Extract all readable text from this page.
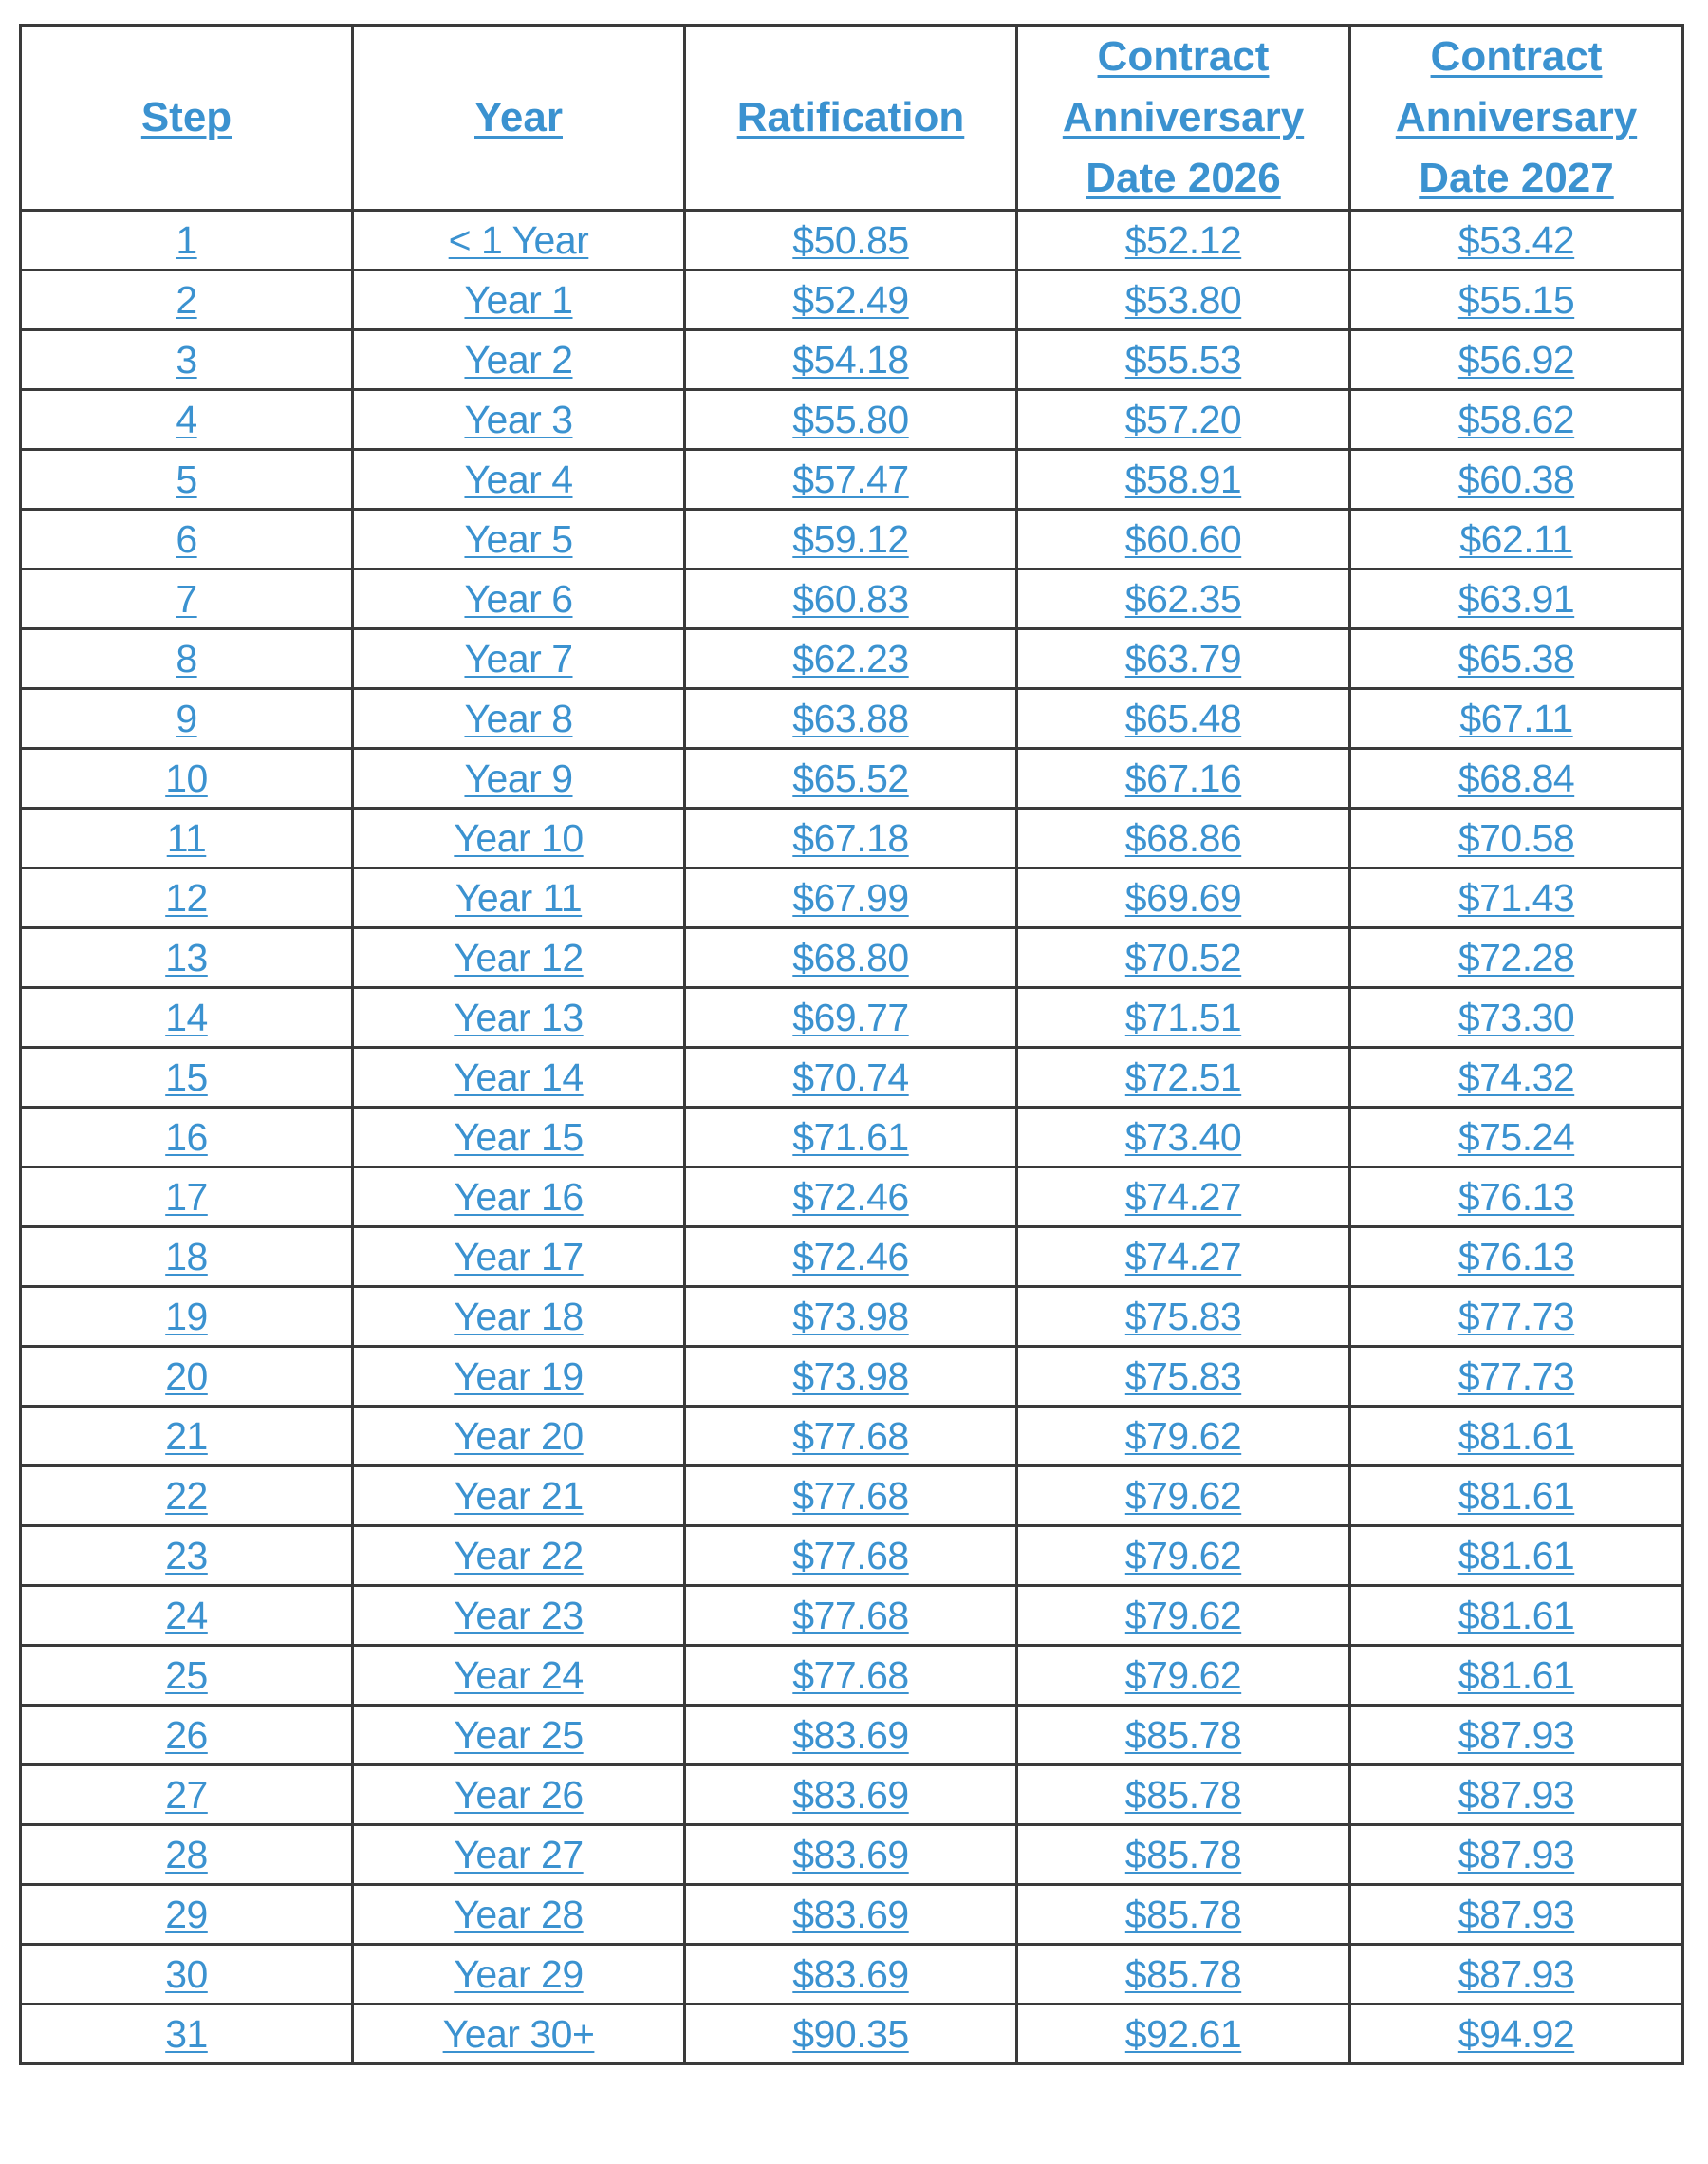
Step	Year	Ratification	Contract Anniversary Date 2026	Contract Anniversary Date 2027
1	< 1 Year	$50.85	$52.12	$53.42
2	Year 1	$52.49	$53.80	$55.15
3	Year 2	$54.18	$55.53	$56.92
4	Year 3	$55.80	$57.20	$58.62
5	Year 4	$57.47	$58.91	$60.38
6	Year 5	$59.12	$60.60	$62.11
7	Year 6	$60.83	$62.35	$63.91
8	Year 7	$62.23	$63.79	$65.38
9	Year 8	$63.88	$65.48	$67.11
10	Year 9	$65.52	$67.16	$68.84
11	Year 10	$67.18	$68.86	$70.58
12	Year 11	$67.99	$69.69	$71.43
13	Year 12	$68.80	$70.52	$72.28
14	Year 13	$69.77	$71.51	$73.30
15	Year 14	$70.74	$72.51	$74.32
16	Year 15	$71.61	$73.40	$75.24
17	Year 16	$72.46	$74.27	$76.13
18	Year 17	$72.46	$74.27	$76.13
19	Year 18	$73.98	$75.83	$77.73
20	Year 19	$73.98	$75.83	$77.73
21	Year 20	$77.68	$79.62	$81.61
22	Year 21	$77.68	$79.62	$81.61
23	Year 22	$77.68	$79.62	$81.61
24	Year 23	$77.68	$79.62	$81.61
25	Year 24	$77.68	$79.62	$81.61
26	Year 25	$83.69	$85.78	$87.93
27	Year 26	$83.69	$85.78	$87.93
28	Year 27	$83.69	$85.78	$87.93
29	Year 28	$83.69	$85.78	$87.93
30	Year 29	$83.69	$85.78	$87.93
31	Year 30+	$90.35	$92.61	$94.92
